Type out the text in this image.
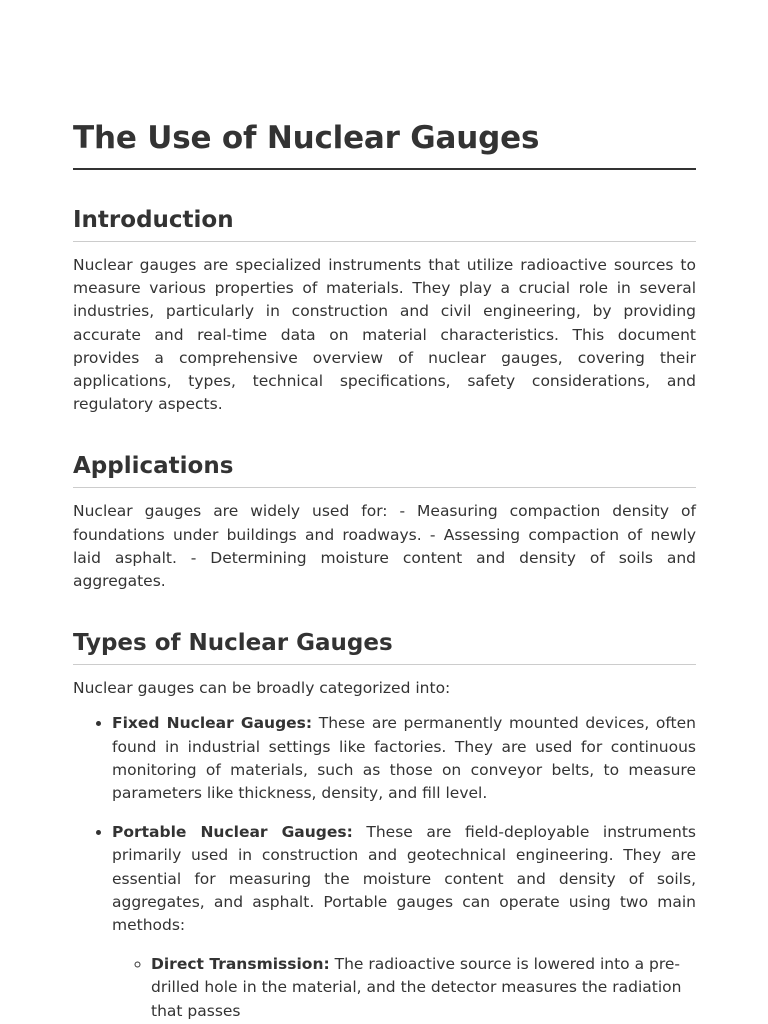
The Use of Nuclear Gauges
Introduction

Nuclear gauges are specialized instruments that utilize radioactive sources to measure various properties of materials. They play a crucial role in several industries, particularly in construction and civil engineering, by providing accurate and real-time data on material characteristics. This document provides a comprehensive overview of nuclear gauges, covering their applications, types, technical specifications, safety considerations, and regulatory aspects.

Applications

Nuclear gauges are widely used for: - Measuring compaction density of foundations under buildings and roadways. - Assessing compaction of newly laid asphalt. - Determining moisture content and density of soils and aggregates.

Types of Nuclear Gauges

Nuclear gauges can be broadly categorized into:

• Fixed Nuclear Gauges: These are permanently mounted devices, often found in industrial settings like factories. They are used for continuous monitoring of materials, such as those on conveyor belts, to measure parameters like thickness, density, and fill level.
• Portable Nuclear Gauges: These are field-deployable instruments primarily used in construction and geotechnical engineering. They are essential for measuring the moisture content and density of soils, aggregates, and asphalt. Portable gauges can operate using two main methods:
◦ Direct Transmission: The radioactive source is lowered into a pre-drilled hole in the material, and the detector measures the radiation that passes
